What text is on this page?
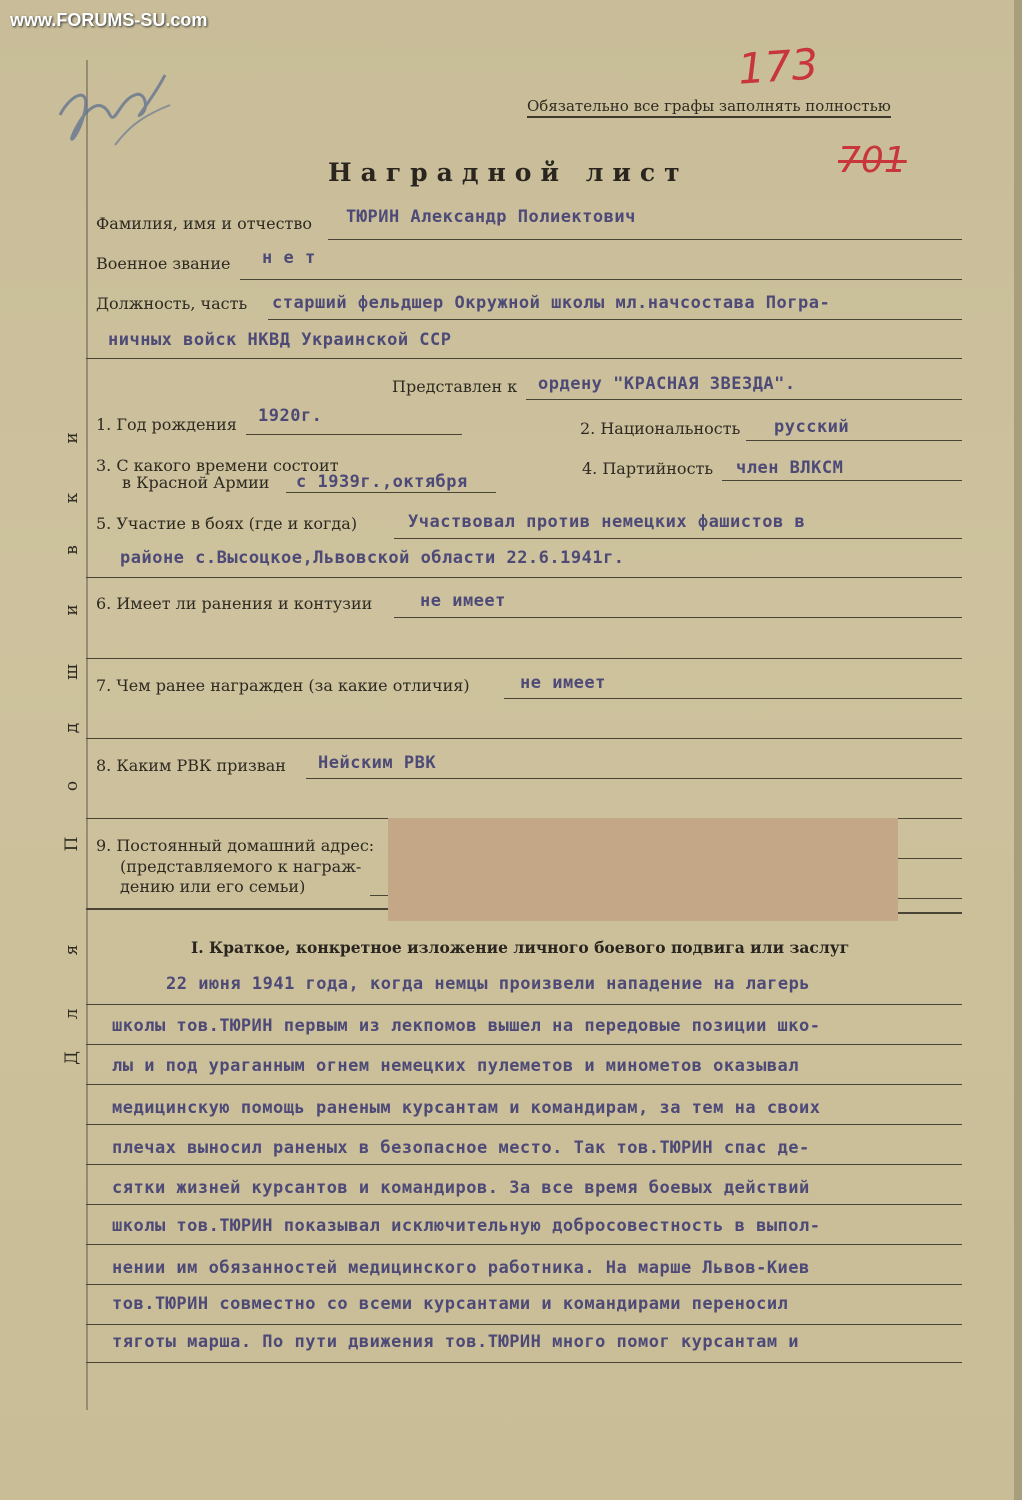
www.FORUMS-SU.com
173
701
Обязательно все графы заполнять полностью
Наградной лист
Фамилия, имя и отчество ТЮРИН Александр Полиектович
Военное звание н е т
Должность, часть старший фельдшер Окружной школы мл.начсостава Погра-
ничных войск НКВД Украинской ССР
Представлен к ордену "КРАСНАЯ ЗВЕЗДА".
1. Год рождения 1920г.
2. Национальность русский
3. С какого времени состоит
в Красной Армии с 1939г.,октября
4. Партийность член ВЛКСМ
5. Участие в боях (где и когда)	Участвовал против немецких фашистов в
районе с.Высоцкое,Львовской области 22.6.1941г.
6. Имеет ли ранения и контузии	не имеет
7. Чем ранее награжден (за какие отличия)	не имеет
8. Каким РВК призван Нейским РВК
9. Постоянный домашний адрес:
(представляемого к награж-
дению или его семьи)
I. Краткое, конкретное изложение личного боевого подвига или заслуг
22 июня 1941 года, когда немцы произвели нападение на лагерь
школы тов.ТЮРИН первым из лекпомов вышел на передовые позиции шко-
лы и под ураганным огнем немецких пулеметов и минометов оказывал
медицинскую помощь раненым курсантам и командирам, за тем на своих
плечах выносил раненых в безопасное место. Так тов.ТЮРИН спас де-
сятки жизней курсантов и командиров. За все время боевых действий
школы тов.ТЮРИН показывал исключительную добросовестность в выпол-
нении им обязанностей медицинского работника. На марше Львов-Киев
тов.ТЮРИН совместно со всеми курсантами и командирами переносил
тяготы марша. По пути движения тов.ТЮРИН много помог курсантам и
Д
л
я
П
о
д
ш
и
в
к
и
